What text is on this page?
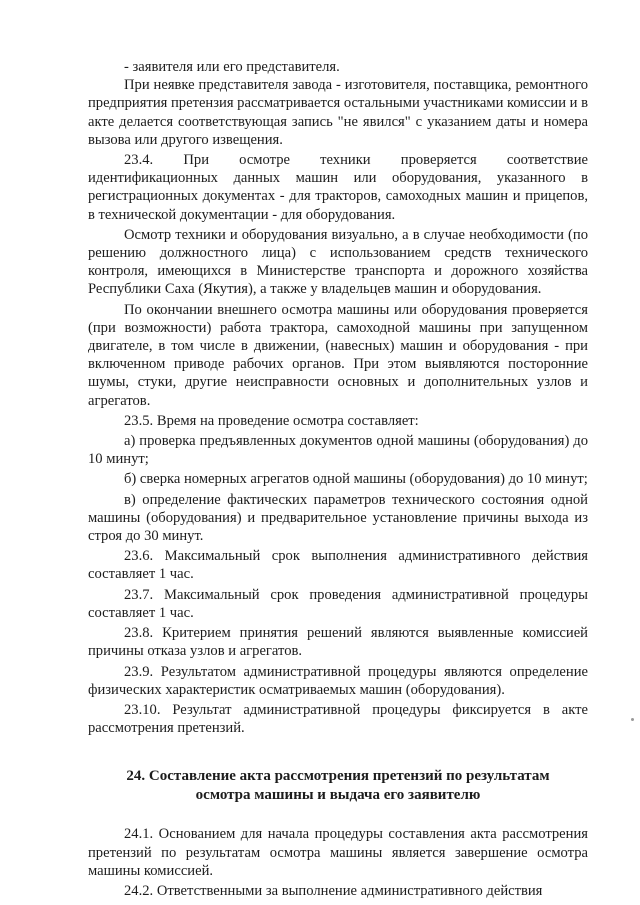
- заявителя или его представителя.

При неявке представителя завода - изготовителя, поставщика, ремонтного предприятия претензия рассматривается остальными участниками комиссии и в акте делается соответствующая запись "не явился" с указанием даты и номера вызова или другого извещения.

23.4. При осмотре техники проверяется соответствие идентификационных данных машин или оборудования, указанного в регистрационных документах - для тракторов, самоходных машин и прицепов, в технической документации - для оборудования.

Осмотр техники и оборудования визуально, а в случае необходимости (по решению должностного лица) с использованием средств технического контроля, имеющихся в Министерстве транспорта и дорожного хозяйства Республики Саха (Якутия), а также у владельцев машин и оборудования.

По окончании внешнего осмотра машины или оборудования проверяется (при возможности) работа трактора, самоходной машины при запущенном двигателе, в том числе в движении, (навесных) машин и оборудования - при включенном приводе рабочих органов. При этом выявляются посторонние шумы, стуки, другие неисправности основных и дополнительных узлов и агрегатов.

23.5. Время на проведение осмотра составляет:

а) проверка предъявленных документов одной машины (оборудования) до 10 минут;

б) сверка номерных агрегатов одной машины (оборудования) до 10 минут;

в) определение фактических параметров технического состояния одной машины (оборудования) и предварительное установление причины выхода из строя до 30 минут.

23.6. Максимальный срок выполнения административного действия составляет 1 час.

23.7. Максимальный срок проведения административной процедуры составляет 1 час.

23.8. Критерием принятия решений являются выявленные комиссией причины отказа узлов и агрегатов.

23.9. Результатом административной процедуры являются определение физических характеристик осматриваемых машин (оборудования).

23.10. Результат административной процедуры фиксируется в акте рассмотрения претензий.

24. Составление акта рассмотрения претензий по результатам осмотра машины и выдача его заявителю

24.1. Основанием для начала процедуры составления акта рассмотрения претензий по результатам осмотра машины является завершение осмотра машины комиссией.

24.2. Ответственными за выполнение административного действия
